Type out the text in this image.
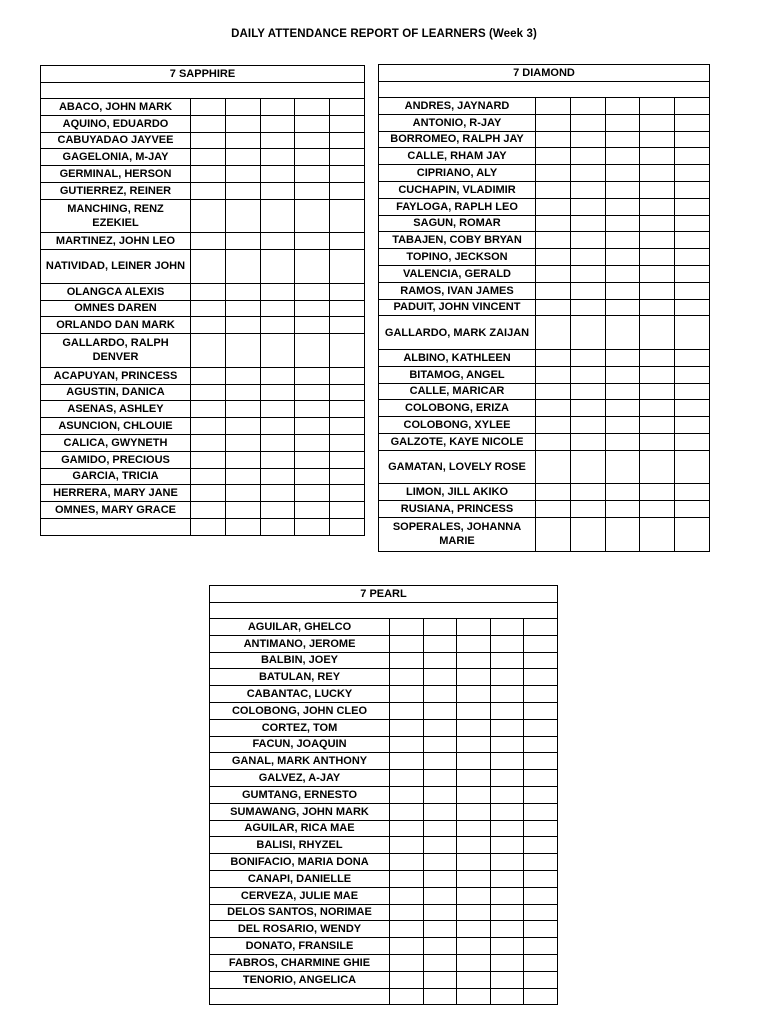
DAILY ATTENDANCE REPORT OF LEARNERS (Week 3)
7 SAPPHIRE					

ABACO, JOHN MARK					
AQUINO, EDUARDO					
CABUYADAO JAYVEE					
GAGELONIA, M-JAY					
GERMINAL, HERSON					
GUTIERREZ, REINER					
MANCHING, RENZ EZEKIEL					
MARTINEZ, JOHN LEO					
NATIVIDAD, LEINER JOHN					
OLANGCA ALEXIS					
OMNES DAREN					
ORLANDO DAN MARK					
GALLARDO, RALPH DENVER					
ACAPUYAN, PRINCESS					
AGUSTIN, DANICA					
ASENAS, ASHLEY					
ASUNCION, CHLOUIE					
CALICA, GWYNETH					
GAMIDO, PRECIOUS					
GARCIA, TRICIA					
HERRERA, MARY JANE					
OMNES, MARY GRACE					

7 DIAMOND					

ANDRES, JAYNARD					
ANTONIO, R-JAY					
BORROMEO, RALPH JAY					
CALLE, RHAM JAY					
CIPRIANO, ALY					
CUCHAPIN, VLADIMIR					
FAYLOGA, RAPLH LEO					
SAGUN, ROMAR					
TABAJEN, COBY BRYAN					
TOPINO, JECKSON					
VALENCIA, GERALD					
RAMOS, IVAN JAMES					
PADUIT, JOHN VINCENT					
GALLARDO, MARK ZAIJAN					
ALBINO, KATHLEEN					
BITAMOG, ANGEL					
CALLE, MARICAR					
COLOBONG, ERIZA					
COLOBONG, XYLEE					
GALZOTE, KAYE NICOLE					
GAMATAN, LOVELY ROSE					
LIMON, JILL AKIKO					
RUSIANA, PRINCESS					
SOPERALES, JOHANNA MARIE					
7 PEARL					

AGUILAR, GHELCO					
ANTIMANO, JEROME					
BALBIN, JOEY					
BATULAN, REY					
CABANTAC, LUCKY					
COLOBONG, JOHN CLEO					
CORTEZ, TOM					
FACUN, JOAQUIN					
GANAL, MARK ANTHONY					
GALVEZ, A-JAY					
GUMTANG, ERNESTO					
SUMAWANG, JOHN MARK					
AGUILAR, RICA MAE					
BALISI, RHYZEL					
BONIFACIO, MARIA DONA					
CANAPI, DANIELLE					
CERVEZA, JULIE MAE					
DELOS SANTOS, NORIMAE					
DEL ROSARIO, WENDY					
DONATO, FRANSILE					
FABROS, CHARMINE GHIE					
TENORIO, ANGELICA					
